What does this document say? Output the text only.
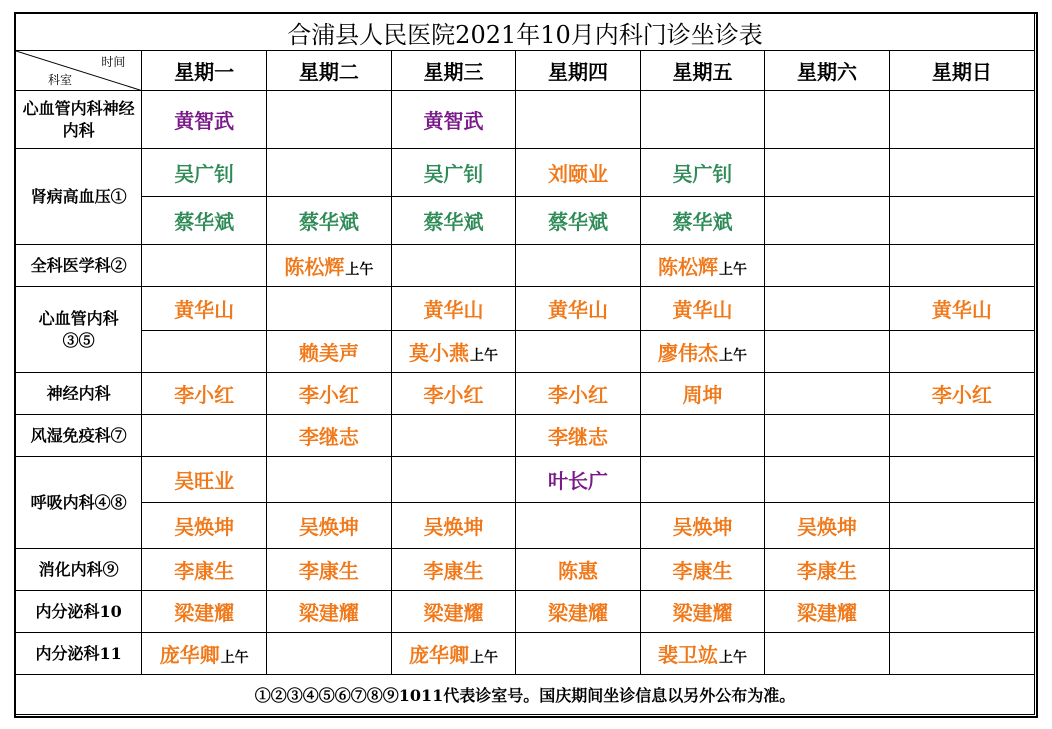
合浦县人民医院2021年10月内科门诊坐诊表							

时间
科室	星期一	星期二	星期三	星期四	星期五	星期六	星期日
心血管内科神经内科	黄智武		黄智武				
肾病高血压①	吴广钊		吴广钊	刘颐业	吴广钊		
	蔡华斌	蔡华斌	蔡华斌	蔡华斌	蔡华斌		
全科医学科②		陈松辉上午			陈松辉上午		
心血管内科③⑤	黄华山		黄华山	黄华山	黄华山		黄华山
		赖美声	莫小燕上午		廖伟杰上午		
神经内科	李小红	李小红	李小红	李小红	周坤		李小红
风湿免疫科⑦		李继志		李继志			
呼吸内科④⑧	吴旺业			叶长广			
	吴焕坤	吴焕坤	吴焕坤		吴焕坤	吴焕坤	
消化内科⑨	李康生	李康生	李康生	陈惠	李康生	李康生	
内分泌科10	梁建耀	梁建耀	梁建耀	梁建耀	梁建耀	梁建耀	
内分泌科11	庞华卿上午		庞华卿上午		裴卫竑上午		
①②③④⑤⑥⑦⑧⑨1011代表诊室号。国庆期间坐诊信息以另外公布为准。							
